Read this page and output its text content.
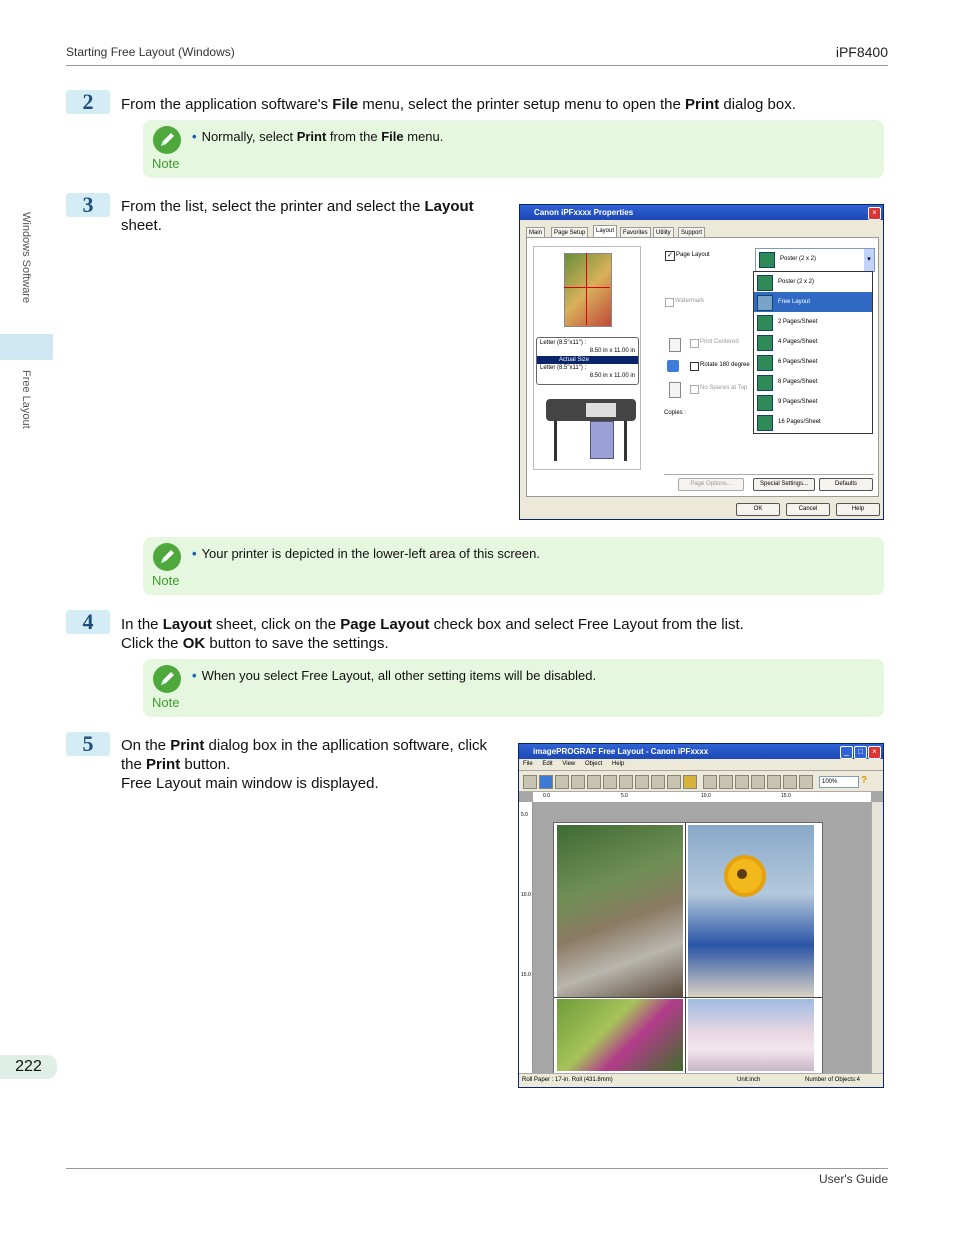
Starting Free Layout (Windows)	iPF8400
Windows Software
Free Layout
222
2	From the application software's File menu, select the printer setup menu to open the Print dialog box.
Note
• Normally, select Print from the File menu.
3	From the list, select the printer and select the Layout sheet.
Canon iPFxxxx Properties	×
Main	Page Setup	Layout	Favorites	Utility	Support
Letter (8.5"x11") :
8.50 in x 11.00 in
Actual Size
Letter (8.5"x11") :
8.50 in x 11.00 in
✓ Page Layout
Poster (2 x 2)	▾
Watermark
Print Centered
Rotate 180 degree
No Spaces at Top
Copies :
Page Options...	Special Settings...	Defaults
Poster (2 x 2)
Free Layout
2 Pages/Sheet
4 Pages/Sheet
6 Pages/Sheet
8 Pages/Sheet
9 Pages/Sheet
16 Pages/Sheet
OK	Cancel	Help
Note
• Your printer is depicted in the lower-left area of this screen.
4	In the Layout sheet, click on the Page Layout check box and select Free Layout from the list.
Click the OK button to save the settings.
Note
• When you select Free Layout, all other setting items will be disabled.
5	On the Print dialog box in the apllication software, click
the Print button.
Free Layout main window is displayed.
imagePROGRAF Free Layout - Canon iPFxxxx	_	□	×
File Edit View Object Help
100%	?
0.0	5.0	10.0	15.0
5.0
10.0
15.0
Roll Paper : 17-in. Roll (431.8mm)	Unit:inch	Number of Objects:4
User's Guide
